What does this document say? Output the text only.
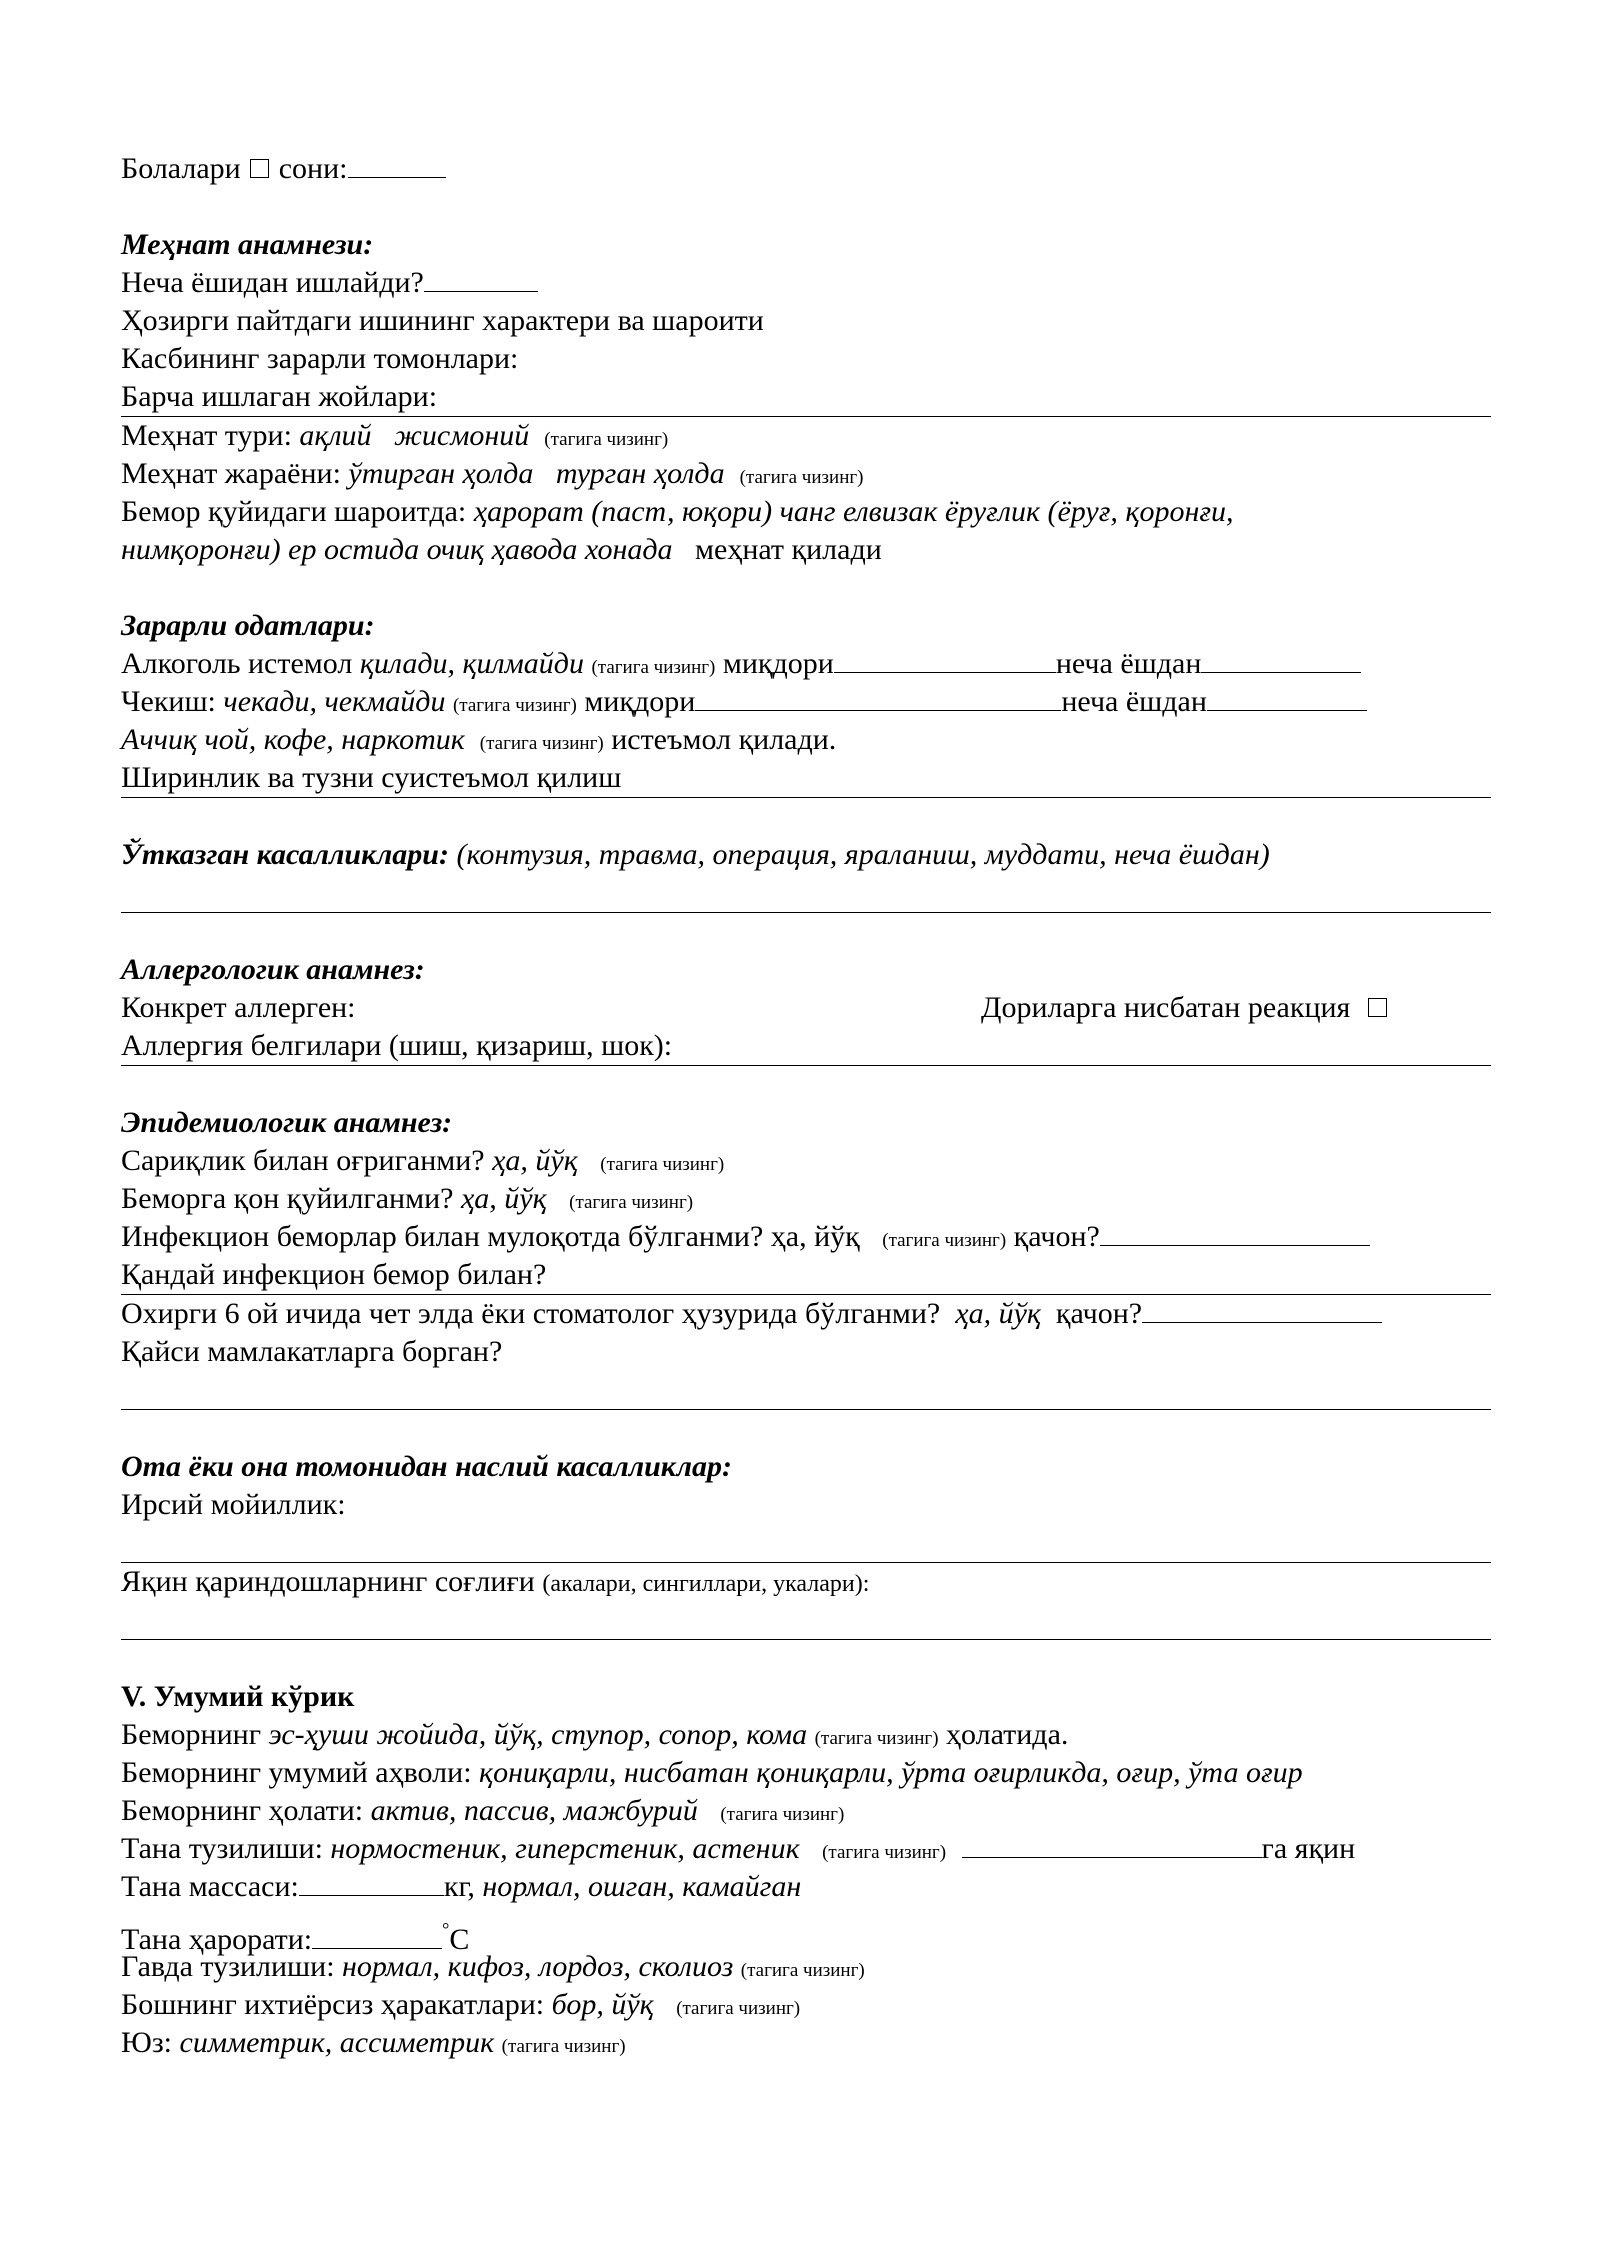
Болалари сони:
Меҳнат анамнези:
Неча ёшидан ишлайди?
Ҳозирги пайтдаги ишининг характери ва шароити
Касбининг зарарли томонлари:
Барча ишлаган жойлари:
Меҳнат тури: ақлий жисмоний (тагига чизинг)
Меҳнат жараёни: ўтирган ҳолда турган ҳолда (тагига чизинг)
Бемор қуйидаги шароитда: ҳарорат (паст, юқори) чанг елвизак ёруғлик (ёруғ, қоронғи,
нимқоронғи) ер остида очиқ ҳавода хонада меҳнат қилади
Зарарли одатлари:
Алкоголь истемол қилади, қилмайди (тагига чизинг) миқдори	неча ёшдан
Чекиш: чекади, чекмайди (тагига чизинг) миқдори	неча ёшдан
Аччиқ чой, кофе, наркотик (тагига чизинг) истеъмол қилади.
Ширинлик ва тузни суистеъмол қилиш
Ўтказган касалликлари: (контузия, травма, операция, яраланиш, муддати, неча ёшдан)
Аллергологик анамнез:
Конкрет аллерген:	Дориларга нисбатан реакция
Аллергия белгилари (шиш, қизариш, шок):
Эпидемиологик анамнез:
Сариқлик билан оғриганми? ҳа, йўқ (тагига чизинг)
Беморга қон қуйилганми? ҳа, йўқ (тагига чизинг)
Инфекцион беморлар билан мулоқотда бўлганми? ҳа, йўқ (тагига чизинг) қачон?
Қандай инфекцион бемор билан?
Охирги 6 ой ичида чет элда ёки стоматолог ҳузурида бўлганми? ҳа, йўқ қачон?
Қайси мамлакатларга борган?
Ота ёки она томонидан наслий касалликлар:
Ирсий мойиллик:
Яқин қариндошларнинг соғлиғи (акалари, сингиллари, укалари):
V. Умумий кўрик
Беморнинг эс-ҳуши жойида, йўқ, ступор, сопор, кома (тагига чизинг) ҳолатида.
Беморнинг умумий аҳволи: қониқарли, нисбатан қониқарли, ўрта оғирликда, оғир, ўта оғир
Беморнинг ҳолати: актив, пассив, мажбурий (тагига чизинг)
Тана тузилиши: нормостеник, гиперстеник, астеник (тагига чизинг)	га яқин
Тана массаси:	кг, нормал, ошган, камайган
Тана ҳарорати:	°С
Гавда тузилиши: нормал, кифоз, лордоз, сколиоз (тагига чизинг)
Бошнинг ихтиёрсиз ҳаракатлари: бор, йўқ (тагига чизинг)
Юз: симметрик, ассиметрик (тагига чизинг)
